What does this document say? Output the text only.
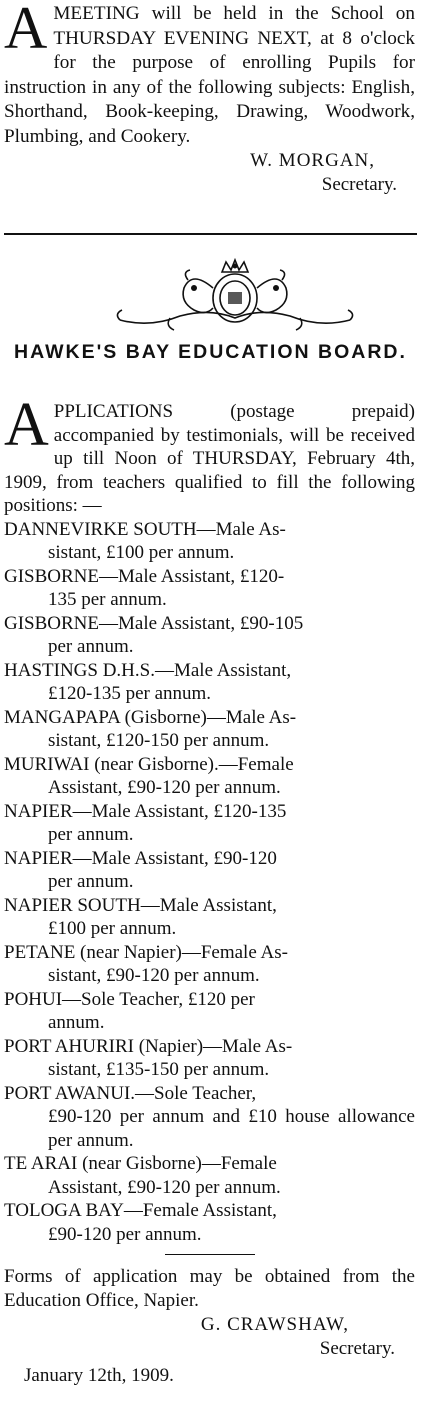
A MEETING will be held in the School on THURSDAY EVENING NEXT, at 8 o'clock for the purpose of enrolling Pupils for instruction in any of the following subjects: English, Shorthand, Book-keeping, Drawing, Woodwork, Plumbing, and Cookery.
W. MORGAN,
Secretary.
HAWKE'S BAY EDUCATION BOARD.
A PPLICATIONS (postage prepaid) accompanied by testimonials, will be received up till Noon of THURSDAY, February 4th, 1909, from teachers qualified to fill the following positions: —
DANNEVIRKE SOUTH—Male As-
sistant, £100 per annum.
GISBORNE—Male Assistant, £120-
135 per annum.
GISBORNE—Male Assistant, £90-105
per annum.
HASTINGS D.H.S.—Male Assistant,
£120-135 per annum.
MANGAPAPA (Gisborne)—Male As-
sistant, £120-150 per annum.
MURIWAI (near Gisborne).—Female
Assistant, £90-120 per annum.
NAPIER—Male Assistant, £120-135
per annum.
NAPIER—Male Assistant, £90-120
per annum.
NAPIER SOUTH—Male Assistant,
£100 per annum.
PETANE (near Napier)—Female As-
sistant, £90-120 per annum.
POHUI—Sole Teacher, £120 per
annum.
PORT AHURIRI (Napier)—Male As-
sistant, £135-150 per annum.
PORT AWANUI.—Sole Teacher,
£90-120 per annum and £10 house allowance per annum.
TE ARAI (near Gisborne)—Female
Assistant, £90-120 per annum.
TOLOGA BAY—Female Assistant,
£90-120 per annum.
Forms of application may be obtained from the Education Office, Napier.
G. CRAWSHAW,
Secretary.
January 12th, 1909.
